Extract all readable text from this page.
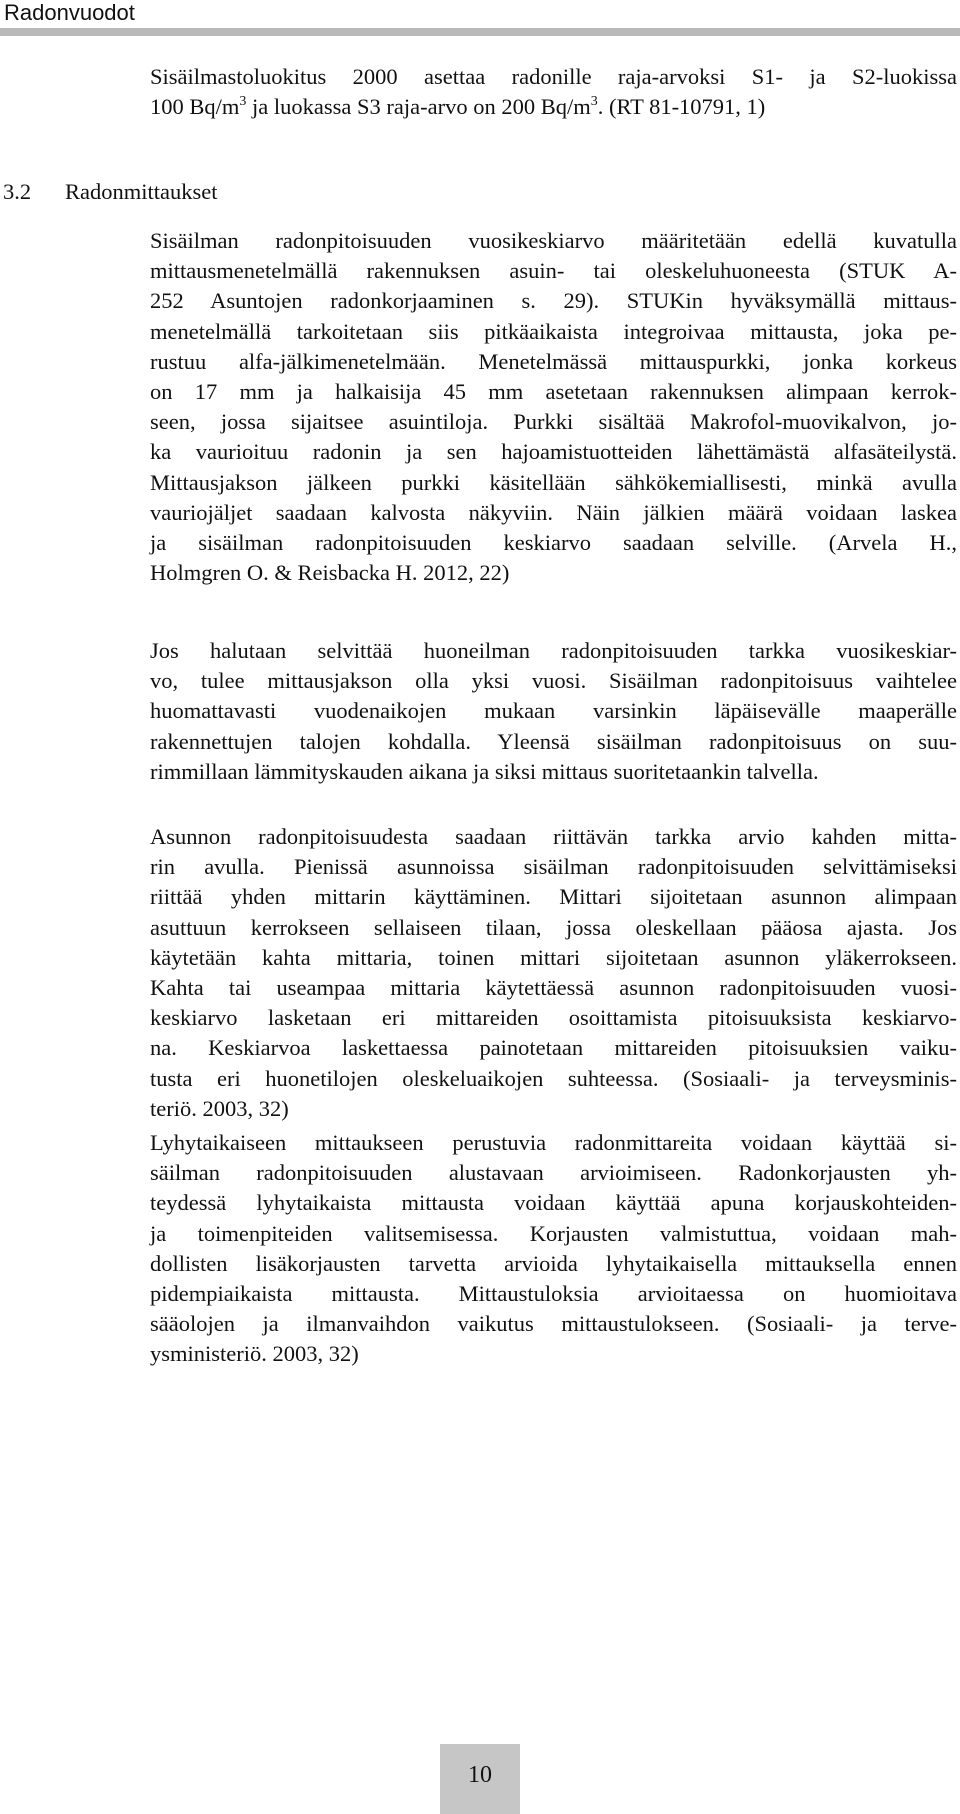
Radonvuodot
Sisäilmastoluokitus 2000 asettaa radonille raja-arvoksi S1- ja S2-luokissa
100 $Bq/m^3$ ja luokassa S3 raja-arvo on 200 $Bq/m^3$. (RT 81-10791, 1)
3.2 Radonmittaukset
Sisäilman radonpitoisuuden vuosikeskiarvo määritetään edellä kuvatulla
mittausmenetelmällä rakennuksen asuin- tai oleskeluhuoneesta (STUK A-
252 Asuntojen radonkorjaaminen s. 29). STUKin hyväksymällä mittaus-
menetelmällä tarkoitetaan siis pitkäaikaista integroivaa mittausta, joka pe-
rustuu alfa-jälkimenetelmään. Menetelmässä mittauspurkki, jonka korkeus
on 17 mm ja halkaisija 45 mm asetetaan rakennuksen alimpaan kerrok-
seen, jossa sijaitsee asuintiloja. Purkki sisältää Makrofol-muovikalvon, jo-
ka vaurioituu radonin ja sen hajoamistuotteiden lähettämästä alfasäteilystä.
Mittausjakson jälkeen purkki käsitellään sähkökemiallisesti, minkä avulla
vauriojäljet saadaan kalvosta näkyviin. Näin jälkien määrä voidaan laskea
ja sisäilman radonpitoisuuden keskiarvo saadaan selville. (Arvela H.,
Holmgren O. & Reisbacka H. 2012, 22)
Jos halutaan selvittää huoneilman radonpitoisuuden tarkka vuosikeskiar-
vo, tulee mittausjakson olla yksi vuosi. Sisäilman radonpitoisuus vaihtelee
huomattavasti vuodenaikojen mukaan varsinkin läpäisevälle maaperälle
rakennettujen talojen kohdalla. Yleensä sisäilman radonpitoisuus on suu-
rimmillaan lämmityskauden aikana ja siksi mittaus suoritetaankin talvella.
Asunnon radonpitoisuudesta saadaan riittävän tarkka arvio kahden mitta-
rin avulla. Pienissä asunnoissa sisäilman radonpitoisuuden selvittämiseksi
riittää yhden mittarin käyttäminen. Mittari sijoitetaan asunnon alimpaan
asuttuun kerrokseen sellaiseen tilaan, jossa oleskellaan pääosa ajasta. Jos
käytetään kahta mittaria, toinen mittari sijoitetaan asunnon yläkerrokseen.
Kahta tai useampaa mittaria käytettäessä asunnon radonpitoisuuden vuosi-
keskiarvo lasketaan eri mittareiden osoittamista pitoisuuksista keskiarvo-
na. Keskiarvoa laskettaessa painotetaan mittareiden pitoisuuksien vaiku-
tusta eri huonetilojen oleskeluaikojen suhteessa. (Sosiaali- ja terveysminis-
teriö. 2003, 32)
Lyhytaikaiseen mittaukseen perustuvia radonmittareita voidaan käyttää si-
säilman radonpitoisuuden alustavaan arvioimiseen. Radonkorjausten yh-
teydessä lyhytaikaista mittausta voidaan käyttää apuna korjauskohteiden-
ja toimenpiteiden valitsemisessa. Korjausten valmistuttua, voidaan mah-
dollisten lisäkorjausten tarvetta arvioida lyhytaikaisella mittauksella ennen
pidempiaikaista mittausta. Mittaustuloksia arvioitaessa on huomioitava
sääolojen ja ilmanvaihdon vaikutus mittaustulokseen. (Sosiaali- ja terve-
ysministeriö. 2003, 32)
10
